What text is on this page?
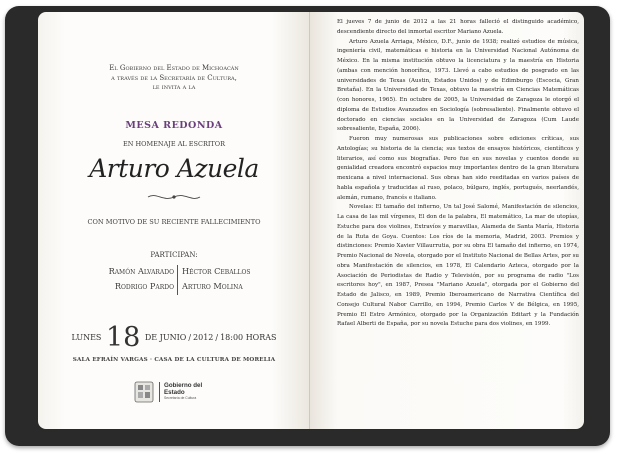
El Gobierno del Estado de Michoacán
a través de la Secretaría de Cultura,
le invita a la
MESA REDONDA
EN HOMENAJE AL ESCRITOR
Arturo Azuela
CON MOTIVO DE SU RECIENTE FALLECIMIENTO
PARTICIPAN:
Ramón Alvarado
Rodrigo Pardo
Héctor Ceballos
Arturo Molina
LUNES 18 DE JUNIO / 2012 / 18:00 HORAS
SALA EFRAÍN VARGAS · CASA DE LA CULTURA DE MORELIA
Gobierno del
Estado
Secretaría de Cultura

El jueves 7 de junio de 2012 a las 21 horas falleció el distinguido académico, descendiente directo del inmortal escritor Mariano Azuela.

Arturo Azuela Arriaga, México, D.F., junio de 1938; realizó estudios de música, ingeniería civil, matemáticas e historia en la Universidad Nacional Autónoma de México. En la misma institución obtuvo la licenciatura y la maestría en Historia (ambas con mención honorífica, 1973. Llevó a cabo estudios de posgrado en las universidades de Texas (Austin, Estados Unidos) y de Edimburgo (Escocia, Gran Bretaña). En la Universidad de Texas, obtuvo la maestría en Ciencias Matemáticas (con honores, 1965). En octubre de 2005, la Universidad de Zaragoza le otorgó el diploma de Estudios Avanzados en Sociología (sobresaliente). Finalmente obtuvo el doctorado en ciencias sociales en la Universidad de Zaragoza (Cum Laude sobresaliente, España, 2006).

Fueron muy numerosas sus publicaciones sobre ediciones críticas, sus Antologías; su historia de la ciencia; sus textos de ensayos históricos, científicos y literarios, así como sus biografías. Pero fue en sus novelas y cuentos donde su genialidad creadora encontró espacios muy importantes dentro de la gran literatura mexicana a nivel internacional. Sus obras han sido reeditadas en varios países de habla española y traducidas al ruso, polaco, búlgaro, inglés, portugués, neerlandés, alemán, rumano, francés e italiano.

Novelas: El tamaño del infierno, Un tal José Salomé, Manifestación de silencios, La casa de las mil vírgenes, El don de la palabra, El matemático, La mar de utopías, Estuche para dos violines, Extravíos y maravillas, Alameda de Santa María, Historia de la Ruta de Goya. Cuentos: Los ríos de la memoria, Madrid, 2003. Premios y distinciones: Premio Xavier Villaurrutia, por su obra El tamaño del infierno, en 1974, Premio Nacional de Novela, otorgado por el Instituto Nacional de Bellas Artes, por su obra Manifestación de silencios, en 1978, El Calendario Azteca, otorgado por la Asociación de Periodistas de Radio y Televisión, por su programa de radio "Los escritores hoy", en 1987, Presea "Mariano Azuela", otorgada por el Gobierno del Estado de Jalisco, en 1989, Premio Iberoamericano de Narrativa Científica del Consejo Cultural Nabor Carrillo, en 1994, Premio Carlos V de Bélgica, en 1995, Premio El Estro Armónico, otorgado por la Organización Editart y la Fundación Rafael Alberti de España, por su novela Estuche para dos violines, en 1999.
